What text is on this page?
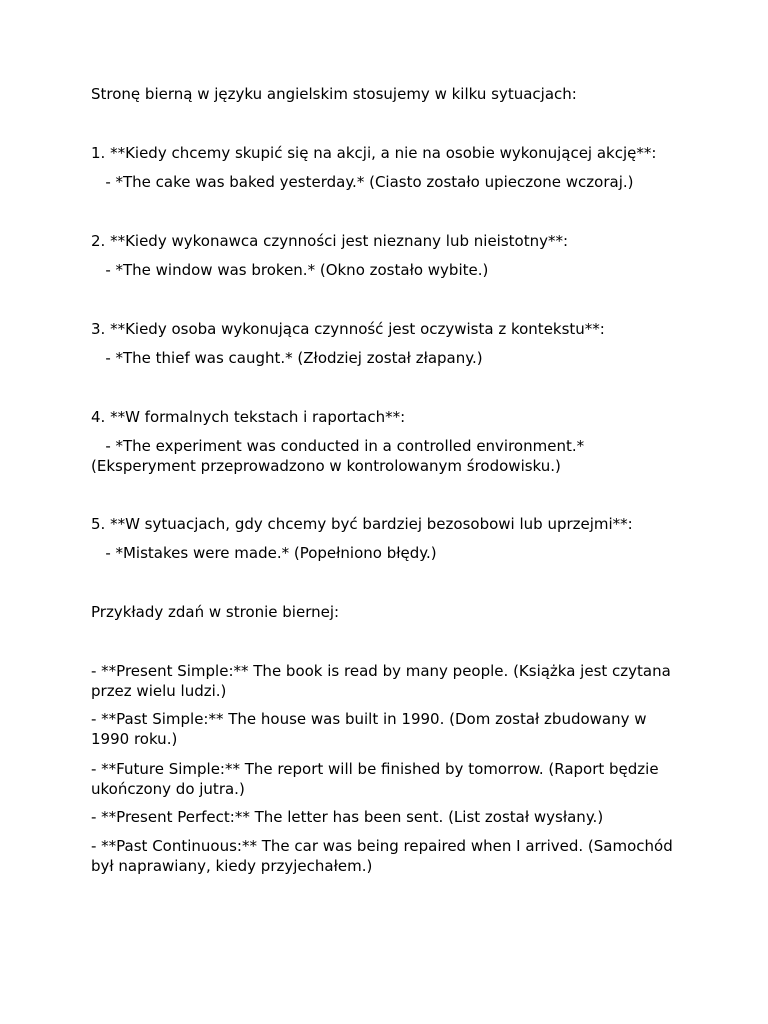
Stronę bierną w języku angielskim stosujemy w kilku sytuacjach:

1. **Kiedy chcemy skupić się na akcji, a nie na osobie wykonującej akcję**:

- *The cake was baked yesterday.* (Ciasto zostało upieczone wczoraj.)

2. **Kiedy wykonawca czynności jest nieznany lub nieistotny**:

- *The window was broken.* (Okno zostało wybite.)

3. **Kiedy osoba wykonująca czynność jest oczywista z kontekstu**:

- *The thief was caught.* (Złodziej został złapany.)

4. **W formalnych tekstach i raportach**:

- *The experiment was conducted in a controlled environment.* (Eksperyment przeprowadzono w kontrolowanym środowisku.)

5. **W sytuacjach, gdy chcemy być bardziej bezosobowi lub uprzejmi**:

- *Mistakes were made.* (Popełniono błędy.)

Przykłady zdań w stronie biernej:

- **Present Simple:** The book is read by many people. (Książka jest czytana przez wielu ludzi.)

- **Past Simple:** The house was built in 1990. (Dom został zbudowany w 1990 roku.)

- **Future Simple:** The report will be finished by tomorrow. (Raport będzie ukończony do jutra.)

- **Present Perfect:** The letter has been sent. (List został wysłany.)

- **Past Continuous:** The car was being repaired when I arrived. (Samochód był naprawiany, kiedy przyjechałem.)
